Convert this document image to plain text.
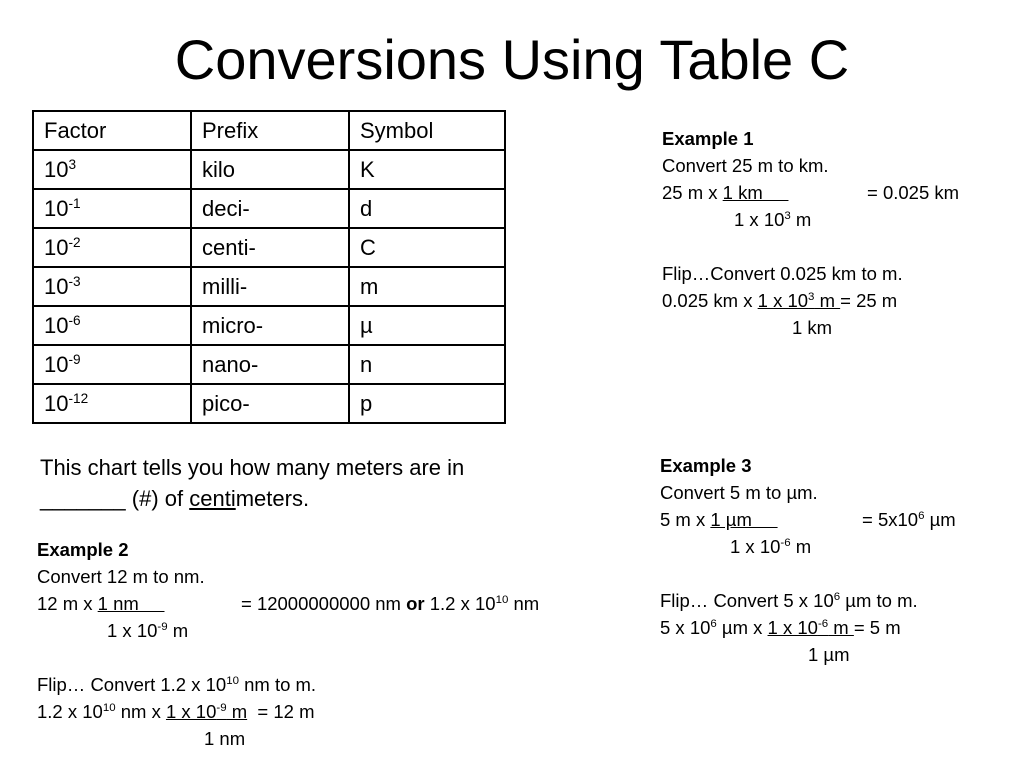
Conversions Using Table C
Factor	Prefix	Symbol
$10^3$	kilo	K
$10^{-1}$	deci-	d
$10^{-2}$	centi-	C
$10^{-3}$	milli-	m
$10^{-6}$	micro-	µ
$10^{-9}$	nano-	n
$10^{-12}$	pico-	p
This chart tells you how many meters are in
_______ (#) of centimeters.
Example 1
Convert 25 m to km.
25 m x 1 km	= 0.025 km
1 x $10^3$ m
Flip…Convert 0.025 km to m.
0.025 km x 1 x $10^3$ m = 25 m
1 km
Example 2
Convert 12 m to nm.
12 m x 1 nm	= 12000000000 nm or 1.2 x $10^{10}$ nm
1 x $10^{-9}$ m
Flip… Convert 1.2 x $10^{10}$ nm to m.
1.2 x $10^{10}$ nm x 1 x $10^{-9}$ m = 12 m
1 nm
Example 3
Convert 5 m to µm.
5 m x 1 µm	= $5x10^6$ µm
1 x $10^{-6}$ m
Flip… Convert 5 x $10^6$ µm to m.
5 x $10^6$ µm x 1 x $10^{-6}$ m = 5 m
1 µm
